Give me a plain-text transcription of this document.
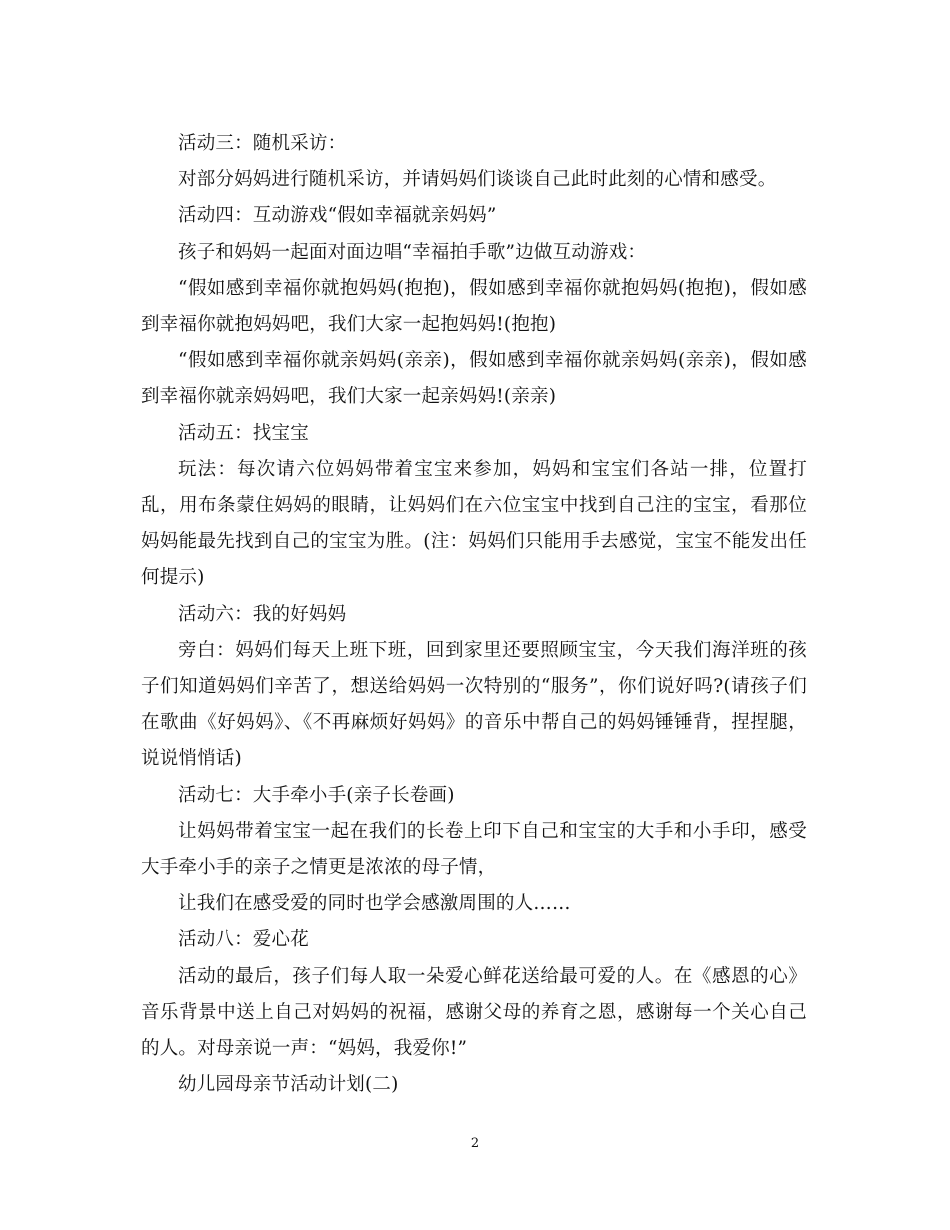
活动三：随机采访：

对部分妈妈进行随机采访，并请妈妈们谈谈自己此时此刻的心情和感受。

活动四：互动游戏“假如幸福就亲妈妈”

孩子和妈妈一起面对面边唱“幸福拍手歌”边做互动游戏：

“假如感到幸福你就抱妈妈(抱抱)，假如感到幸福你就抱妈妈(抱抱)，假如感到幸福你就抱妈妈吧，我们大家一起抱妈妈!(抱抱)

“假如感到幸福你就亲妈妈(亲亲)，假如感到幸福你就亲妈妈(亲亲)，假如感到幸福你就亲妈妈吧，我们大家一起亲妈妈!(亲亲)

活动五：找宝宝

玩法：每次请六位妈妈带着宝宝来参加，妈妈和宝宝们各站一排，位置打乱，用布条蒙住妈妈的眼睛，让妈妈们在六位宝宝中找到自己注的宝宝，看那位妈妈能最先找到自己的宝宝为胜。(注：妈妈们只能用手去感觉，宝宝不能发出任何提示)

活动六：我的好妈妈

旁白：妈妈们每天上班下班，回到家里还要照顾宝宝，今天我们海洋班的孩子们知道妈妈们辛苦了，想送给妈妈一次特别的“服务”，你们说好吗?(请孩子们在歌曲《好妈妈》、《不再麻烦好妈妈》的音乐中帮自己的妈妈锤锤背，捏捏腿，说说悄悄话)

活动七：大手牵小手(亲子长卷画)

让妈妈带着宝宝一起在我们的长卷上印下自己和宝宝的大手和小手印，感受大手牵小手的亲子之情更是浓浓的母子情，

让我们在感受爱的同时也学会感激周围的人……

活动八：爱心花

活动的最后，孩子们每人取一朵爱心鲜花送给最可爱的人。在《感恩的心》音乐背景中送上自己对妈妈的祝福，感谢父母的养育之恩，感谢每一个关心自己的人。对母亲说一声：“妈妈，我爱你!”

幼儿园母亲节活动计划(二)

2
